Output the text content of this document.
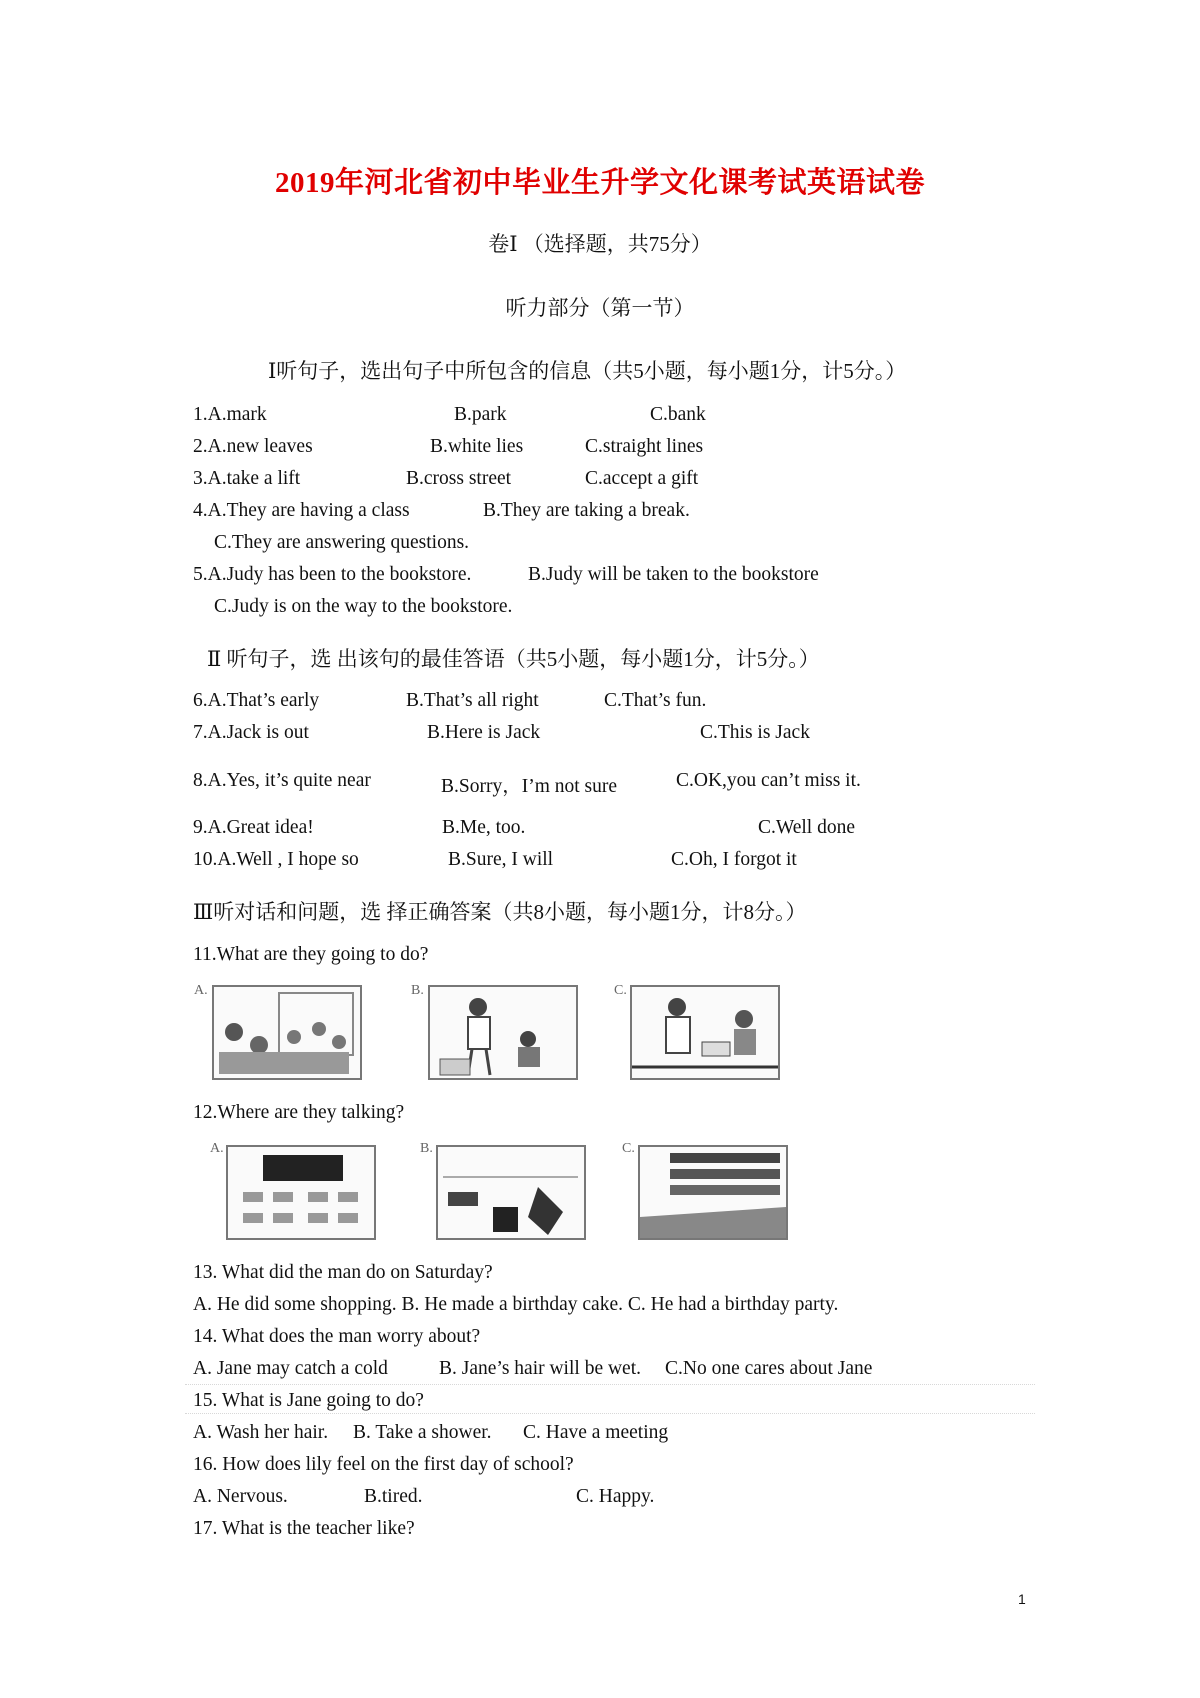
2019年河北省初中毕业生升学文化课考试英语试卷
卷Ⅰ （选择题，共75分）
听力部分（第一节）
Ⅰ听句子，选出句子中所包含的信息（共5小题，每小题1分，计5分。）
1.A.mark	B.park	C.bank
2.A.new leaves	B.white lies	C.straight lines
3.A.take a lift	B.cross street	C.accept a gift
4.A.They are having a class	B.They are taking a break.
C.They are answering questions.
5.A.Judy has been to the bookstore.	B.Judy will be taken to the bookstore
C.Judy is on the way to the bookstore.
Ⅱ 听句子，选 出该句的最佳答语（共5小题，每小题1分，计5分。）
6.A.That’s early	B.That’s all right	C.That’s fun.
7.A.Jack is out	B.Here is Jack	C.This is Jack
8.A.Yes, it’s quite near	B.Sorry，I’m not sure	C.OK,you can’t miss it.
9.A.Great idea!	B.Me, too.	C.Well done
10.A.Well , I hope so	B.Sure, I will	C.Oh, I forgot it
Ⅲ听对话和问题，选 择正确答案（共8小题，每小题1分，计8分。）
11.What are they going to do?
A.	B.	C.
12.Where are they talking?
A.	B.	C.
13. What did the man do on Saturday?
A. He did some shopping. B. He made a birthday cake. C. He had a birthday party.
14. What does the man worry about?
A. Jane may catch a cold	B. Jane’s hair will be wet. C.No one cares about Jane
15. What is Jane going to do?
A. Wash her hair. B. Take a shower. C. Have a meeting
16. How does lily feel on the first day of school?
A. Nervous.	B.tired.	C. Happy.
17. What is the teacher like?
1
